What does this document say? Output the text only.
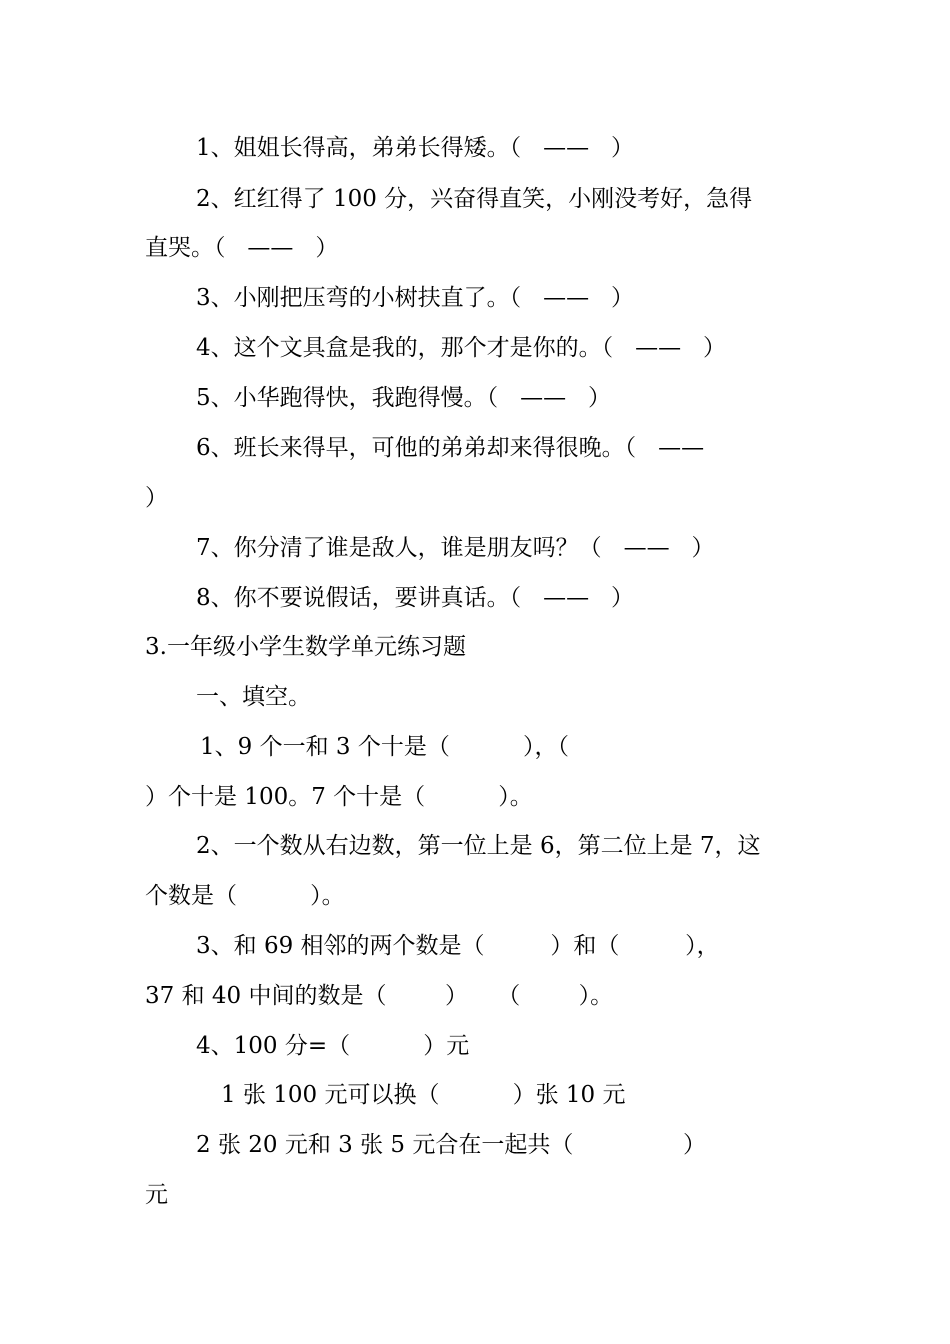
1、姐姐长得高，弟弟长得矮。（   ——   ）
2、红红得了 100 分，兴奋得直笑，小刚没考好，急得
直哭。（   ——   ）
3、小刚把压弯的小树扶直了。（   ——   ）
4、这个文具盒是我的，那个才是你的。（   ——   ）
5、小华跑得快，我跑得慢。（   ——   ）
6、班长来得早，可他的弟弟却来得很晚。（   ——
）
7、你分清了谁是敌人，谁是朋友吗？（   ——   ）
8、你不要说假话，要讲真话。（   ——   ）
3.一年级小学生数学单元练习题
一、填空。
1、9 个一和 3 个十是（          ），（
）个十是 100。7 个十是（          ）。
2、一个数从右边数，第一位上是 6，第二位上是 7，这
个数是（          ）。
3、和 69 相邻的两个数是（         ）和（         ），
37 和 40 中间的数是（        ）    （        ）。
4、100 分=（          ）元
1 张 100 元可以换（          ）张 10 元
2 张 20 元和 3 张 5 元合在一起共（               ）
元
